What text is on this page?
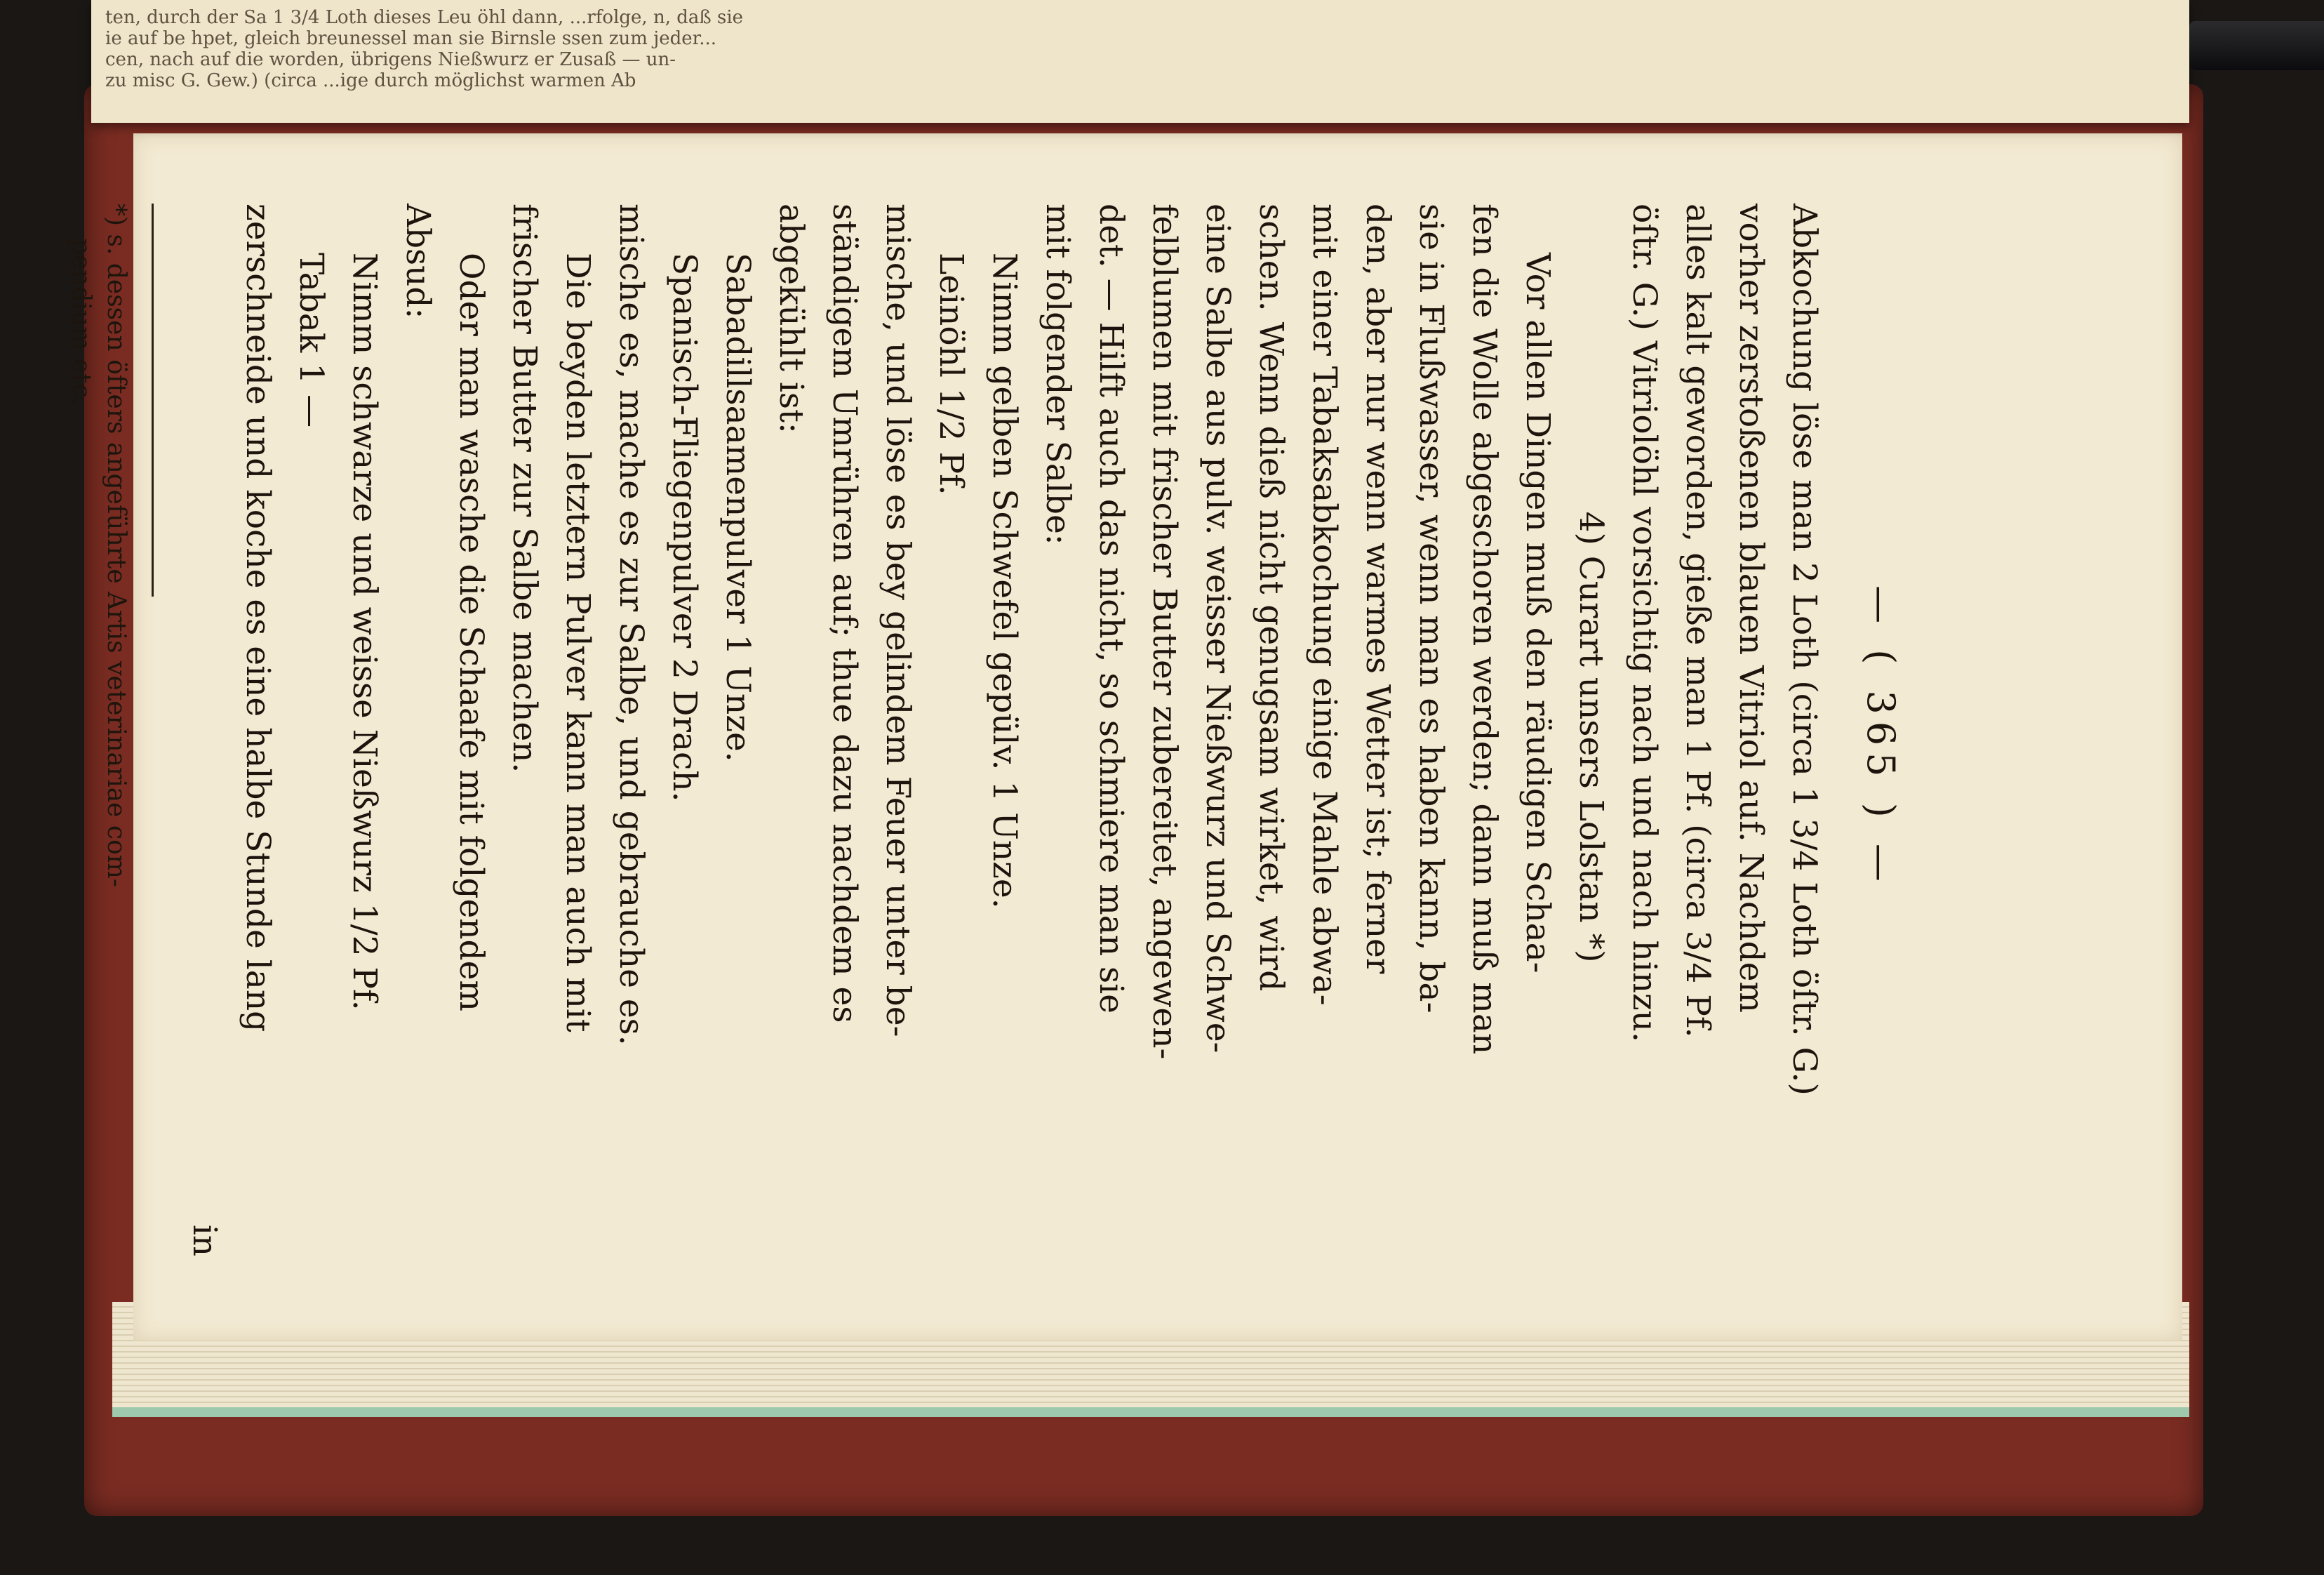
ten, durch der Sa 1 3/4 Loth dieses Leu öhl dann, ...rfolge, n, daß sie
ie auf be hpet, gleich breunessel man sie Birnsle ssen zum jeder...
cen, nach auf die worden, übrigens Nießwurz er Zusaß — un-
zu misc G. Gew.) (circa ...ige durch möglichst warmen Ab
— ( 365 ) —
Abkochung löse man 2 Loth (circa 1 3/4 Loth öſtr. G.)
vorher zerstoßenen blauen Vitriol auf. Nachdem
alles kalt geworden, gieße man 1 Pf. (circa 3/4 Pf.
öſtr. G.) Vitriolöhl vorsichtig nach und nach hinzu.
4) Curart unsers Lolstan *)
Vor allen Dingen muß den räudigen Schaa-
fen die Wolle abgeschoren werden; dann muß man
sie in Flußwasser, wenn man es haben kann, ba-
den, aber nur wenn warmes Wetter ist; ferner
mit einer Tabaksabkochung einige Mahle abwa-
schen. Wenn dieß nicht genugsam wirket, wird
eine Salbe aus pulv. weisser Nießwurz und Schwe-
felblumen mit frischer Butter zubereitet, angewen-
det. — Hilft auch das nicht, so schmiere man sie
mit folgender Salbe:
Nimm gelben Schwefel gepülv. 1 Unze.
Leinöhl 1/2 Pf.
mische, und löse es bey gelindem Feuer unter be-
ständigem Umrühren auf; thue dazu nachdem es
abgekühlt ist:
Sabadillsaamenpulver 1 Unze.
Spanisch-Fliegenpulver 2 Drach.
mische es, mache es zur Salbe, und gebrauche es.
Die beyden letztern Pulver kann man auch mit
frischer Butter zur Salbe machen.
Oder man wasche die Schaafe mit folgendem
Absud:
Nimm schwarze und weisse Nießwurz 1/2 Pf.
Tabak 1 —
zerschneide und koche es eine halbe Stunde lang
in
*) s. dessen öfters angeführte Artis veterinariae com-
pendium etc.
